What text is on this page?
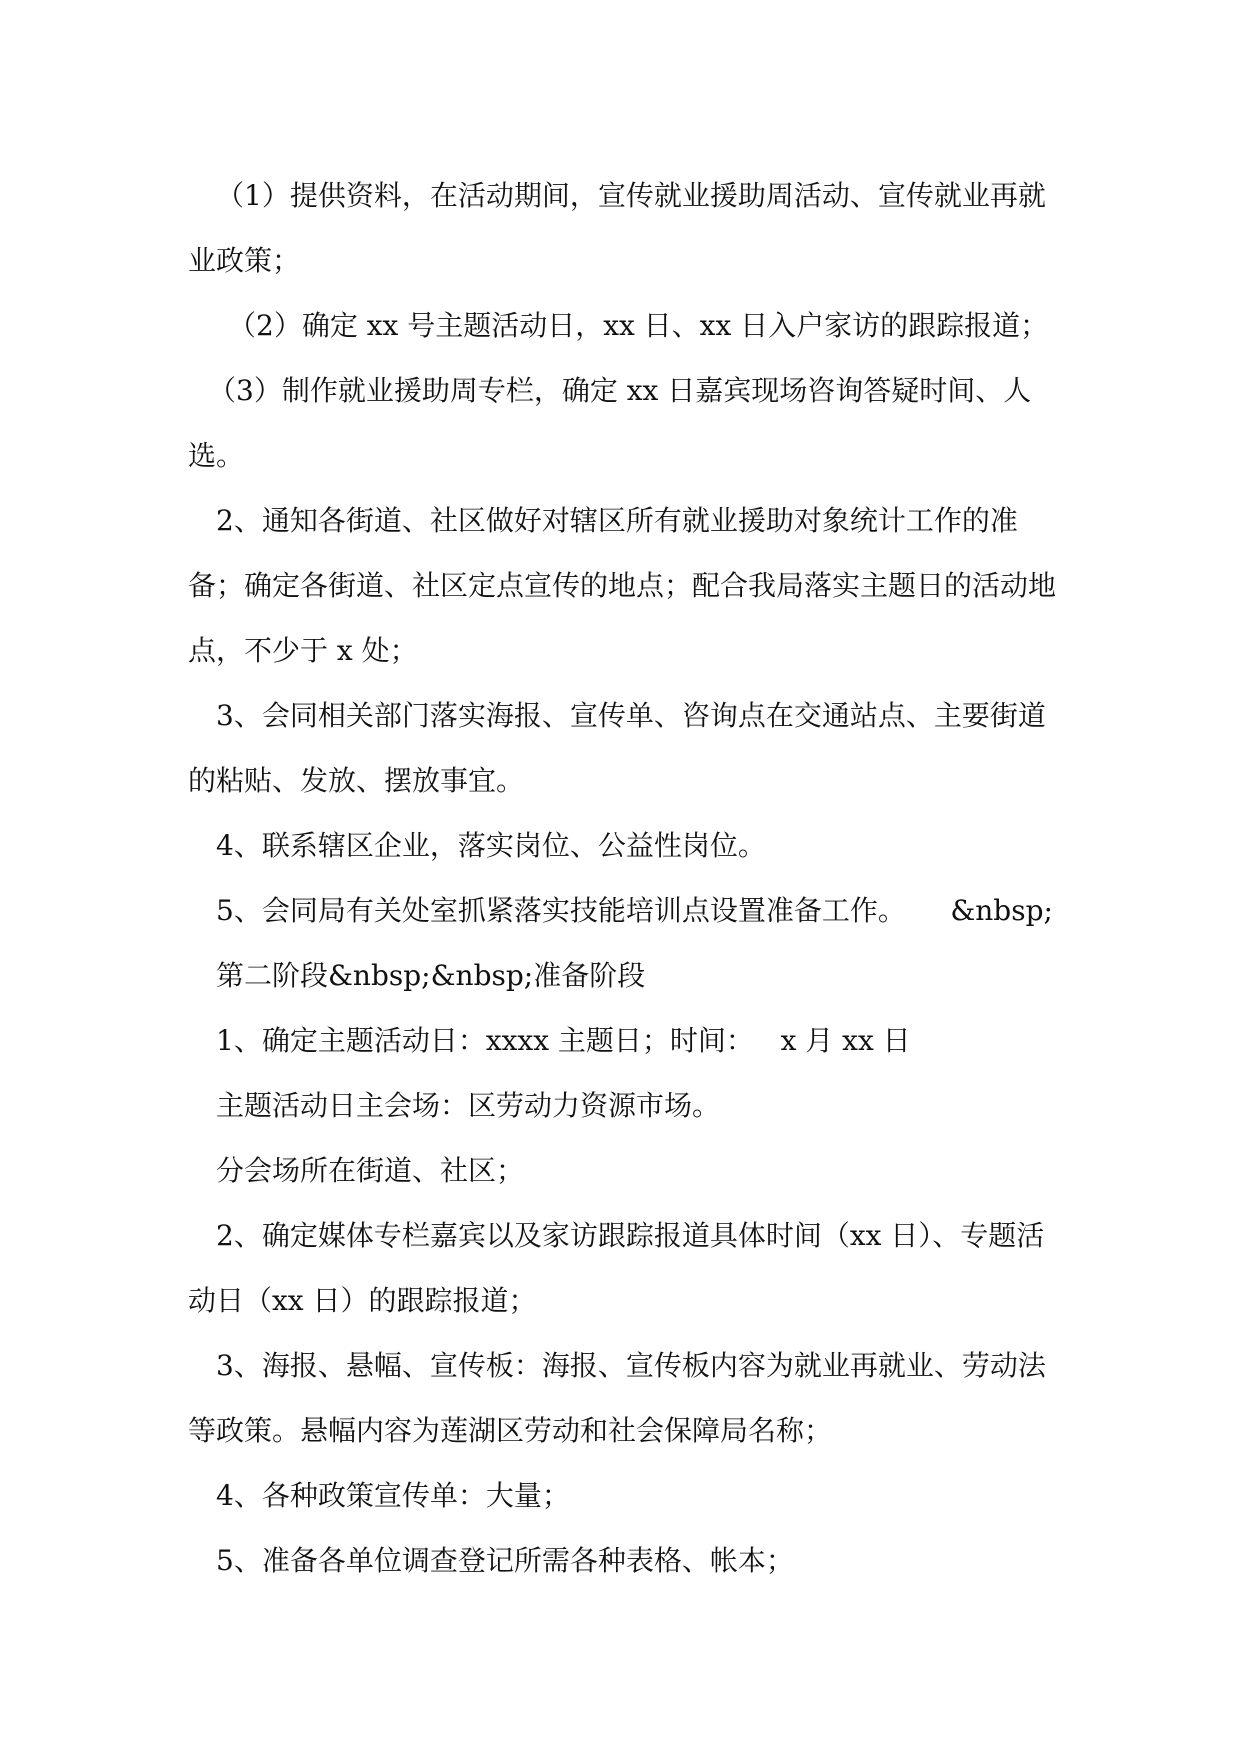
（1）提供资料，在活动期间，宣传就业援助周活动、宣传就业再就业政策；

（2）确定 xx 号主题活动日，xx 日、xx 日入户家访的跟踪报道；

（3）制作就业援助周专栏，确定 xx 日嘉宾现场咨询答疑时间、人选。

2、通知各街道、社区做好对辖区所有就业援助对象统计工作的准备；确定各街道、社区定点宣传的地点；配合我局落实主题日的活动地点，不少于 x 处；

3、会同相关部门落实海报、宣传单、咨询点在交通站点、主要街道的粘贴、发放、摆放事宜。

4、联系辖区企业，落实岗位、公益性岗位。

5、会同局有关处室抓紧落实技能培训点设置准备工作。     &nbsp;

第二阶段&nbsp;&nbsp;准备阶段

1、确定主题活动日：xxxx 主题日；时间：   x 月 xx 日

主题活动日主会场：区劳动力资源市场。

分会场所在街道、社区；

2、确定媒体专栏嘉宾以及家访跟踪报道具体时间（xx 日）、专题活动日（xx 日）的跟踪报道；

3、海报、悬幅、宣传板：海报、宣传板内容为就业再就业、劳动法等政策。悬幅内容为莲湖区劳动和社会保障局名称；

4、各种政策宣传单：大量；

5、准备各单位调查登记所需各种表格、帐本；
